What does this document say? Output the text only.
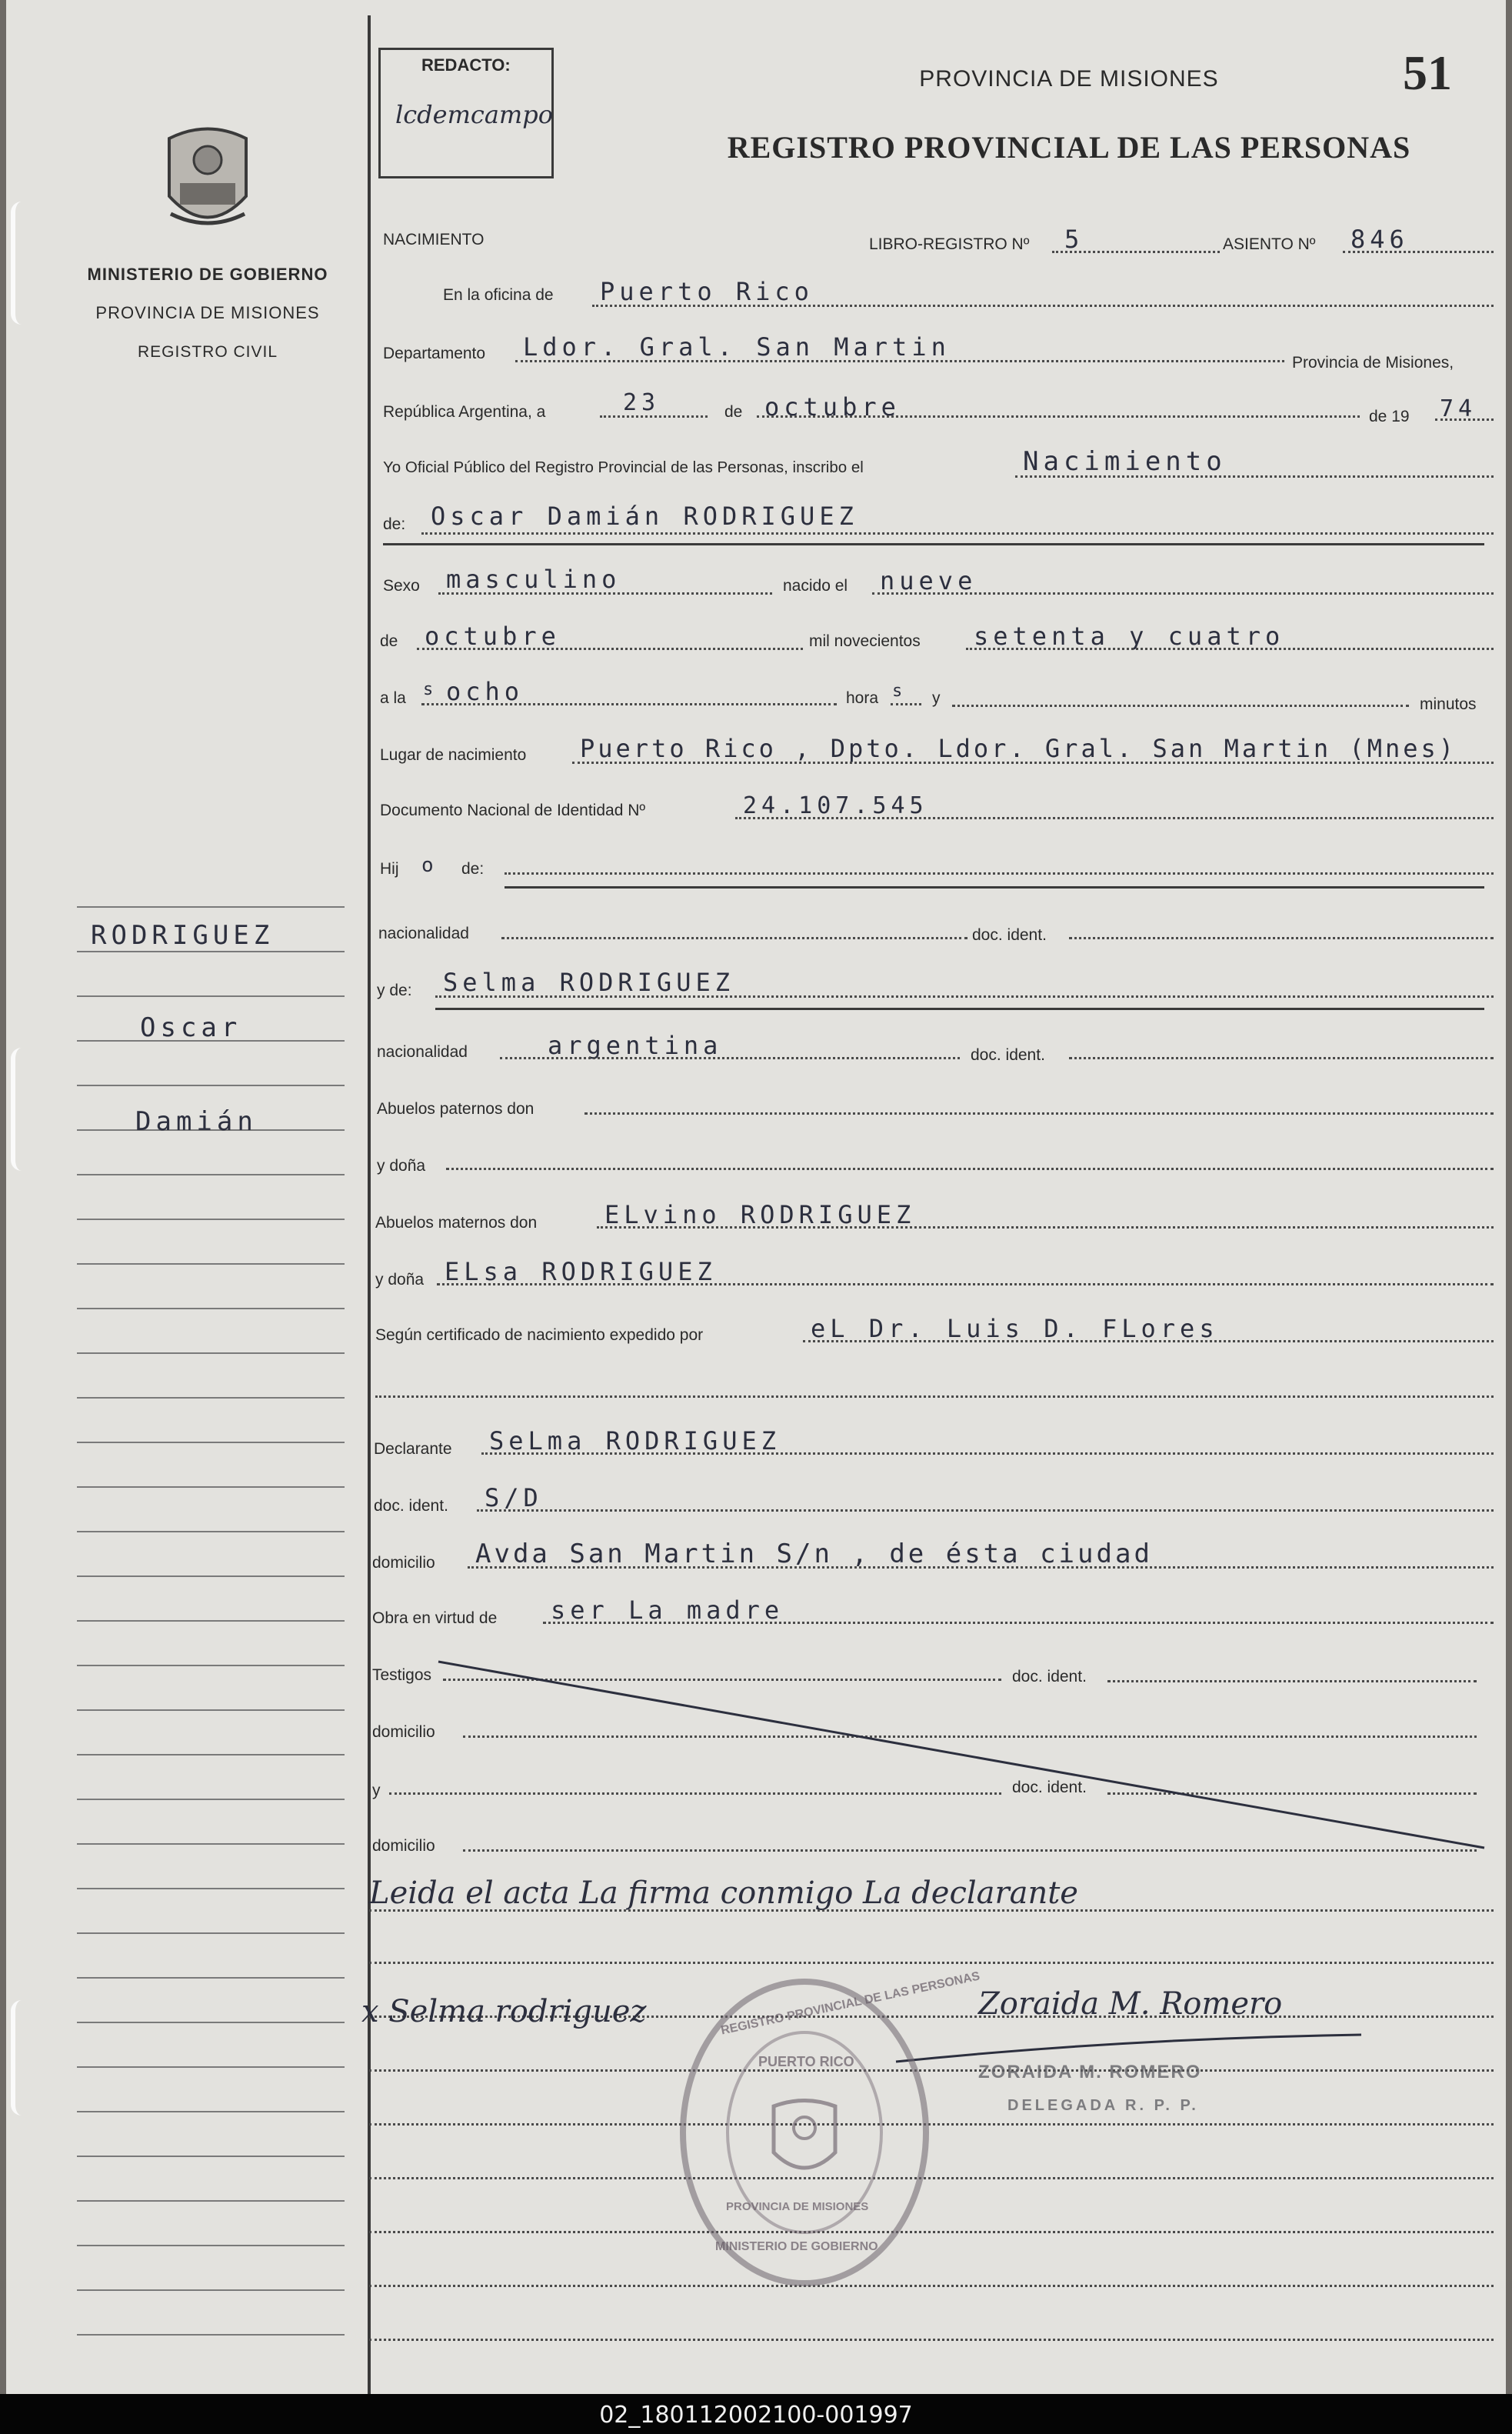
MINISTERIO DE GOBIERNO
PROVINCIA DE MISIONES
REGISTRO CIVIL
RODRIGUEZ
Oscar
Damián
REDACTO:
lcdemcampo
PROVINCIA DE MISIONES
REGISTRO PROVINCIAL DE LAS PERSONAS
51
NACIMIENTO	LIBRO-REGISTRO Nº 5	ASIENTO Nº 846
En la oficina de Puerto Rico
Departamento Ldor. Gral. San Martin
Provincia de Misiones,
República Argentina, a	23	de octubre	de 19 74
Yo Oficial Público del Registro Provincial de las Personas, inscribo el	Nacimiento
de: Oscar Damián RODRIGUEZ
Sexo masculino	nacido el nueve
de octubre	mil novecientos setenta y cuatro
a la s ocho	hora s y	minutos
Lugar de nacimiento Puerto Rico , Dpto. Ldor. Gral. San Martin (Mnes)
Documento Nacional de Identidad Nº	24.107.545
Hij o de:
nacionalidad	doc. ident.
y de: Selma RODRIGUEZ
nacionalidad	argentina	doc. ident.
Abuelos paternos don
y doña
Abuelos maternos don	ELvino RODRIGUEZ
y doña ELsa RODRIGUEZ
Según certificado de nacimiento expedido por	eL Dr. Luis D. FLores
Declarante SeLma RODRIGUEZ
doc. ident. S/D
domicilio Avda San Martin S/n , de ésta ciudad
Obra en virtud de ser La madre
Testigos	doc. ident.
domicilio
y	doc. ident.
domicilio
Leida el acta La firma conmigo La declarante
x Selma rodriguez	Zoraida M. Romero
REGISTRO PROVINCIAL DE LAS PERSONAS
PUERTO RICO
PROVINCIA DE MISIONES
MINISTERIO DE GOBIERNO
ZORAIDA M. ROMERO
DELEGADA R. P. P.
02_180112002100-001997
